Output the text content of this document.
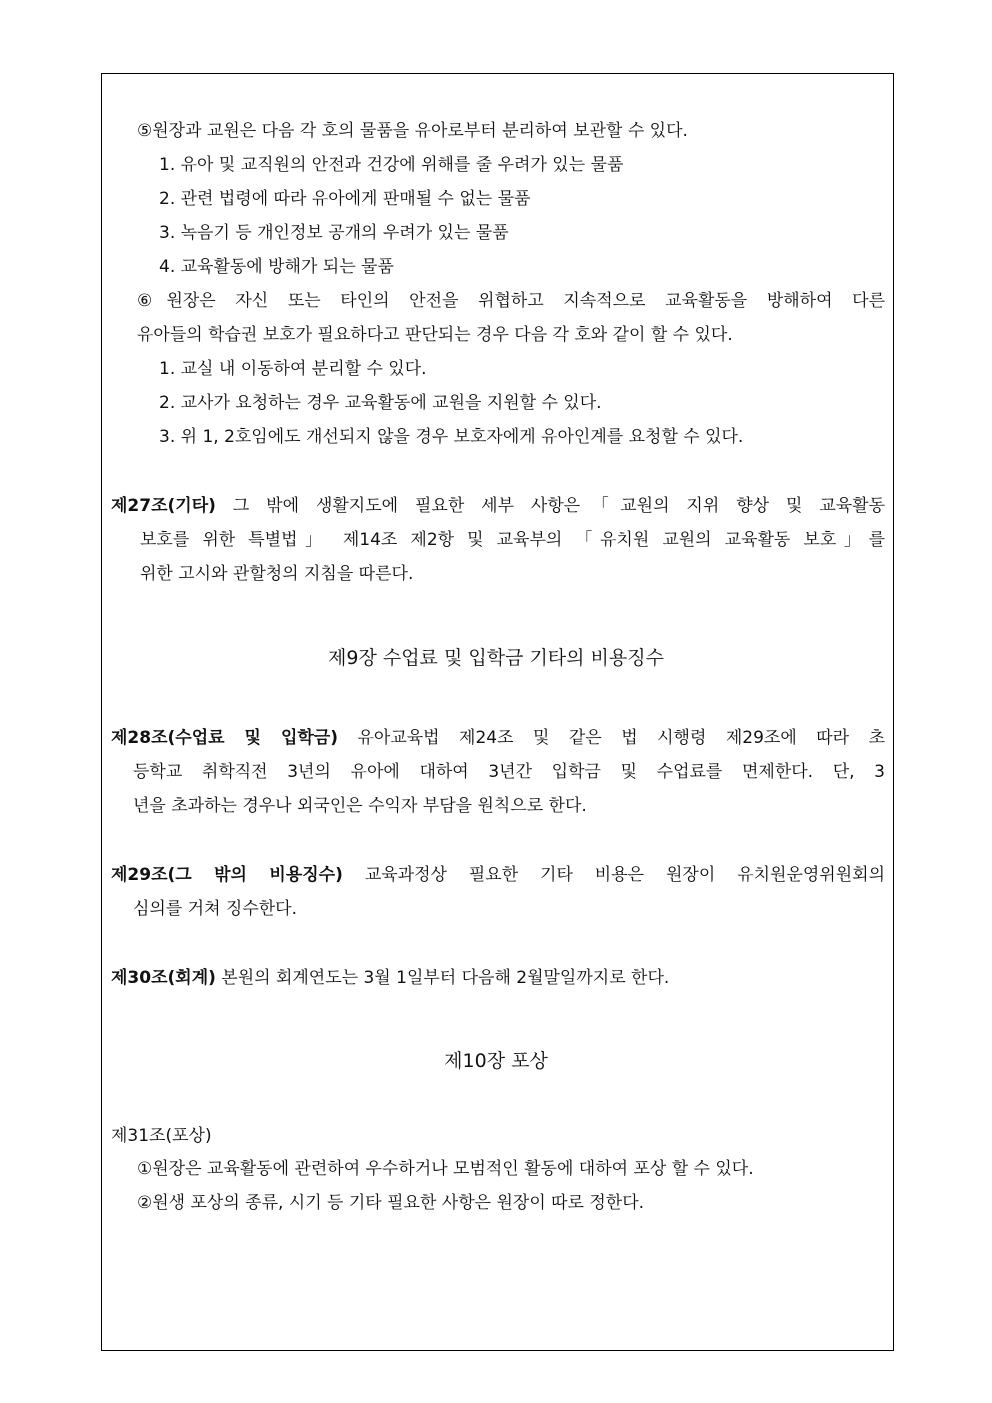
⑤원장과 교원은 다음 각 호의 물품을 유아로부터 분리하여 보관할 수 있다.
1. 유아 및 교직원의 안전과 건강에 위해를 줄 우려가 있는 물품
2. 관련 법령에 따라 유아에게 판매될 수 없는 물품
3. 녹음기 등 개인정보 공개의 우려가 있는 물품
4. 교육활동에 방해가 되는 물품
⑥원장은 자신 또는 타인의 안전을 위협하고 지속적으로 교육활동을 방해하여 다른
유아들의 학습권 보호가 필요하다고 판단되는 경우 다음 각 호와 같이 할 수 있다.
1. 교실 내 이동하여 분리할 수 있다.
2. 교사가 요청하는 경우 교육활동에 교원을 지원할 수 있다.
3. 위 1, 2호임에도 개선되지 않을 경우 보호자에게 유아인계를 요청할 수 있다.
제27조(기타) 그 밖에 생활지도에 필요한 세부 사항은「교원의 지위 향상 및 교육활동
보호를 위한 특별법」 제14조 제2항 및 교육부의 「유치원 교원의 교육활동 보호」를
위한 고시와 관할청의 지침을 따른다.
제9장 수업료 및 입학금 기타의 비용징수
제28조(수업료 및 입학금) 유아교육법 제24조 및 같은 법 시행령 제29조에 따라 초
등학교 취학직전 3년의 유아에 대하여 3년간 입학금 및 수업료를 면제한다. 단, 3
년을 초과하는 경우나 외국인은 수익자 부담을 원칙으로 한다.
제29조(그 밖의 비용징수) 교육과정상 필요한 기타 비용은 원장이 유치원운영위원회의
심의를 거쳐 징수한다.
제30조(회계) 본원의 회계연도는 3월 1일부터 다음해 2월말일까지로 한다.
제10장 포상
제31조(포상)
①원장은 교육활동에 관련하여 우수하거나 모범적인 활동에 대하여 포상 할 수 있다.
②원생 포상의 종류, 시기 등 기타 필요한 사항은 원장이 따로 정한다.
